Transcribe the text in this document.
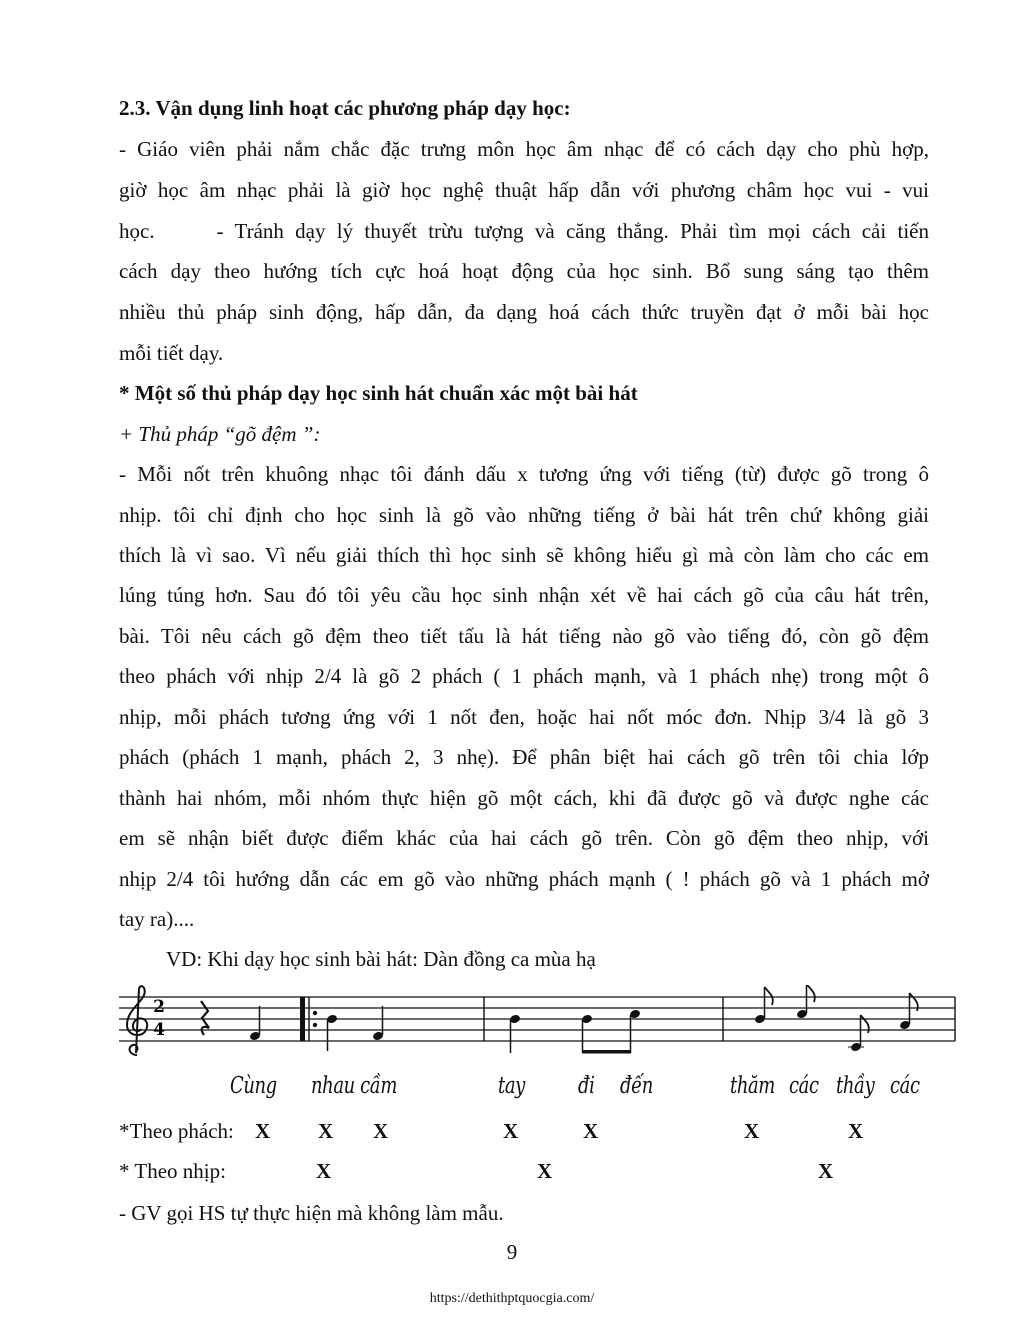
2.3. Vận dụng linh hoạt các phương pháp dạy học:
- Giáo viên phải nắm chắc đặc trưng môn học âm nhạc để có cách dạy cho phù hợp,
giờ học âm nhạc phải là giờ học nghệ thuật hấp dẫn với phương châm học vui - vui
học.	- Tránh dạy lý thuyết trừu tượng và căng thẳng. Phải tìm mọi cách cải tiến
cách dạy theo hướng tích cực hoá hoạt động của học sinh. Bổ sung sáng tạo thêm
nhiều thủ pháp sinh động, hấp dẫn, đa dạng hoá cách thức truyền đạt ở mỗi bài học
mỗi tiết dạy.
* Một số thủ pháp dạy học sinh hát chuẩn xác một bài hát
+ Thủ pháp “gõ đệm ”:
- Mỗi nốt trên khuông nhạc tôi đánh dấu x tương ứng với tiếng (từ) được gõ trong ô
nhịp. tôi chỉ định cho học sinh là gõ vào những tiếng ở bài hát trên chứ không giải
thích là vì sao. Vì nếu giải thích thì học sinh sẽ không hiểu gì mà còn làm cho các em
lúng túng hơn. Sau đó tôi yêu cầu học sinh nhận xét về hai cách gõ của câu hát trên,
bài. Tôi nêu cách gõ đệm theo tiết tấu là hát tiếng nào gõ vào tiếng đó, còn gõ đệm
theo phách với nhịp 2/4 là gõ 2 phách ( 1 phách mạnh, và 1 phách nhẹ) trong một ô
nhịp, mỗi phách tương ứng với 1 nốt đen, hoặc hai nốt móc đơn. Nhịp 3/4 là gõ 3
phách (phách 1 mạnh, phách 2, 3 nhẹ). Để phân biệt hai cách gõ trên tôi chia lớp
thành hai nhóm, mỗi nhóm thực hiện gõ một cách, khi đã được gõ và được nghe các
em sẽ nhận biết được điểm khác của hai cách gõ trên. Còn gõ đệm theo nhịp, với
nhịp 2/4 tôi hướng dẫn các em gõ vào những phách mạnh ( ! phách gõ và 1 phách mở
tay ra)....
VD: Khi dạy học sinh bài hát: Dàn đồng ca mùa hạ
2
4
Cùng nhau cầm	tay đi đến	thăm các thầy các
*Theo phách: X X X	X	X	X	X
* Theo nhịp:	X	X	X
- GV gọi HS tự thực hiện mà không làm mẫu.
9
https://dethithptquocgia.com/
